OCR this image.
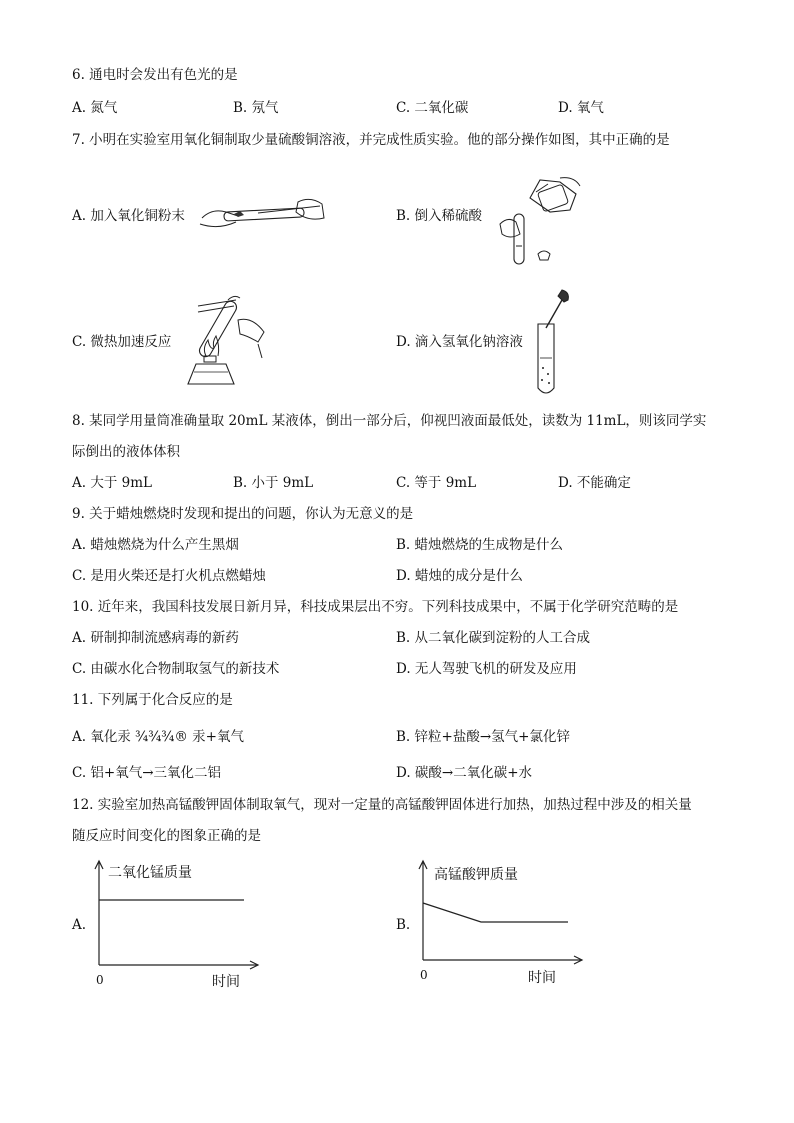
6. 通电时会发出有色光的是
A. 氮气	B. 氖气	C. 二氧化碳	D. 氧气
7. 小明在实验室用氧化铜制取少量硫酸铜溶液，并完成性质实验。他的部分操作如图，其中正确的是
A. 加入氧化铜粉末	B. 倒入稀硫酸
C. 微热加速反应	D. 滴入氢氧化钠溶液
8. 某同学用量筒准确量取 20mL 某液体，倒出一部分后，仰视凹液面最低处，读数为 11mL，则该同学实
际倒出的液体体积
A. 大于 9mL	B. 小于 9mL	C. 等于 9mL	D. 不能确定
9. 关于蜡烛燃烧时发现和提出的问题，你认为无意义的是
A. 蜡烛燃烧为什么产生黑烟	B. 蜡烛燃烧的生成物是什么
C. 是用火柴还是打火机点燃蜡烛	D. 蜡烛的成分是什么
10. 近年来，我国科技发展日新月异，科技成果层出不穷。下列科技成果中，不属于化学研究范畴的是
A. 研制抑制流感病毒的新药	B. 从二氧化碳到淀粉的人工合成
C. 由碳水化合物制取氢气的新技术	D. 无人驾驶飞机的研发及应用
11. 下列属于化合反应的是
A. 氧化汞 ¾¾¾® 汞+氧气	B. 锌粒+盐酸→氢气+氯化锌
C. 铝+氧气→三氧化二铝	D. 碳酸→二氧化碳+水
12. 实验室加热高锰酸钾固体制取氧气，现对一定量的高锰酸钾固体进行加热，加热过程中涉及的相关量
随反应时间变化的图象正确的是
A.
二氧化锰质量
时间
0
B.
高锰酸钾质量
时间
0
